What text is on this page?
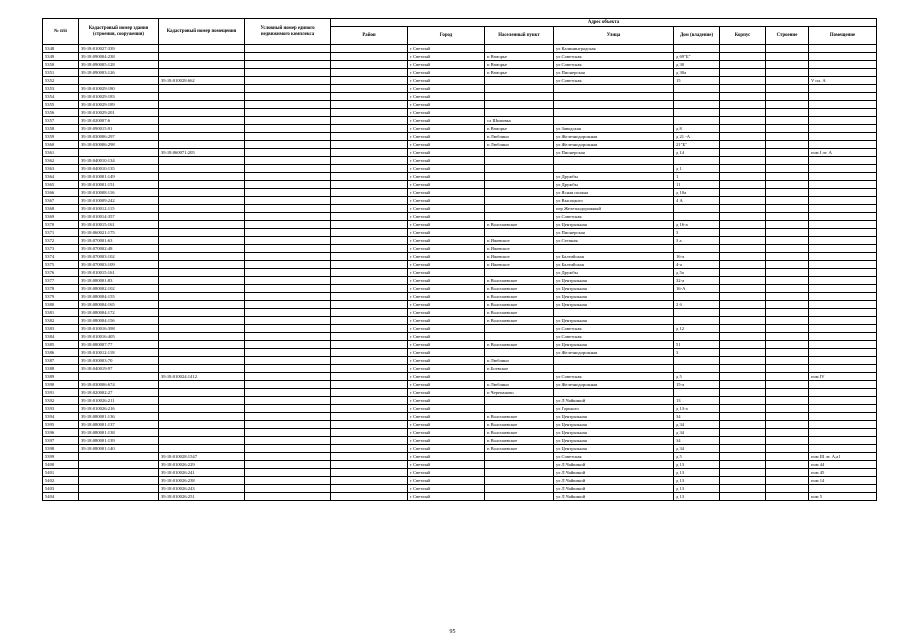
№ п/п	Кадастровый номер здания (строения, сооружения)	Кадастровый номер помещения	Условный номер единого недвижимого комплекса	Адрес объекта							
				Район	Город	Населенный пункт	Улица	Дом (владение)	Корпус	Строение	Помещение
5348	39:18:010027:339				г Светлый		ул Калининградская				
5349	39:18:090004:238				г Светлый	п Взморье	ул Советская	д 69"Б"			
5350	39:18:090005:128				г Светлый	п Взморье	ул Советская	д 30			
5351	39:18:090003:126				г Светлый	п Взморье	ул Пионерская	д 30а			
5352		39:18:010028:662			г Светлый		ул Советская	15			V пл. А
5353	39:18:010029:180				г Светлый						
5354	39:18:010029:183				г Светлый						
5355	39:18:010029:189				г Светлый						
5356	39:18:010029:201				г Светлый						
5357	39:18:020007:6				г Светлый	сл Шиповка					
5358	39:18:090015:91				г Светлый	п Взморье	ул Заводская	д 8			
5359	39:18:030006:297				г Светлый	п Люблино	ул Железнодорожная	д 21 -А			
5360	39:18:030006:298				г Светлый	п Люблино	ул Железнодорожная	21"Б"			
5361		39:18:060071:205			г Светлый		ул Пионерская	д 14			пом I лт. А
5362	39:18:040010:134				г Светлый						
5363	39:18:040010:135				г Светлый			д 1			
5364	39:18:010001:149				г Светлый		ул Дружбы	1			
5365	39:18:010001:151				г Светлый		ул Дружбы	11			
5366	39:18:010008:116				г Светлый		ул Ясная поляна	д 10а			
5367	39:18:010009:242				г Светлый		ул Высоцкого	4 А			
5368	39:18:010012:115				г Светлый		пер Железнодорожный				
5369	39:18:010014:357				г Светлый		ул Советская				
5370	39:18:010015:161				г Светлый	п Волочаевское	ул Центральная	д 16-а			
5371	39:18:060021:175				г Светлый		ул Пионерская	3			
5372	39:18:070001:63				г Светлый	п Ижевское	ул Степная	3 а			
5373	39:18:070002:48				г Светлый	п Ижевское					
5374	39:18:070003:102				г Светлый	п Ижевское	ул Балтийская	16-а			
5375	39:18:070003:109				г Светлый	п Ижевское	ул Балтийская	4-а			
5376	39:18:010015:161				г Светлый		ул Дружбы	д 5а			
5377	39:18:080001:83				г Светлый	п Волочаевское	ул Центральная	32-а			
5378	39:18:080002:102				г Светлый	п Волочаевское	ул Центральная	16-А			
5379	39:18:080004:155				г Светлый	п Волочаевское	ул Центральная				
5380	39:18:080004:165				г Светлый	п Волочаевское	ул Центральная	2 б			
5381	39:18:080004:172				г Светлый	п Волочаевское					
5382	39:18:080004:156				г Светлый	п Волочаевское	ул Центральная				
5383	39:18:010016:398				г Светлый		ул Советская	д 12			
5384	39:18:010016:405				г Светлый		ул Советская				
5385	39:18:080007:77				г Светлый	п Волочаевское	ул Центральная	51			
5386	39:18:010012:118				г Светлый		ул Железнодорожная	3			
5387	39:18:030003:70				г Светлый	п Люблино					
5388	39:18:040019:97				г Светлый	п Боевское					
5389		39:18:010024:1412			г Светлый		ул Советская	д 5			пом IV
5390	39:18:030006:674				г Светлый	п Люблино	ул Железнодорожная	15-а			
5391	39:18:020002:27				г Светлый	п Черепаново					
5392	39:18:010026:211				г Светлый		ул Л.Чайкиной	13			
5393	39:18:010026:216				г Светлый		ул Горького	д 13-а			
5394	39:18:080001:136				г Светлый	п Волочаевское	ул Центральная	34			
5395	39:18:080001:137				г Светлый	п Волочаевское	ул Центральная	д 34			
5396	39:18:080001:138				г Светлый	п Волочаевское	ул Центральная	д 34			
5397	39:18:080001:139				г Светлый	п Волочаевское	ул Центральная	34			
5398	39:18:080001:140				г Светлый	п Волочаевское	ул Центральная	д 34			
5399		39:18:010028:1547			г Светлый		ул Советская	д 5			пом III лт. А,а1
5400		39:18:010026:229			г Светлый		ул Л.Чайкиной	д 13			пом 44
5401		39:18:010026:241			г Светлый		ул Л.Чайкиной	д 13			пом 45
5402		39:18:010026:238			г Светлый		ул Л.Чайкиной	д 13			пом 14
5403		39:18:010026:243			г Светлый		ул Л.Чайкиной	д 13			
5404		39:18:010026:251			г Светлый		ул Л.Чайкиной	д 13			пом 5
95
